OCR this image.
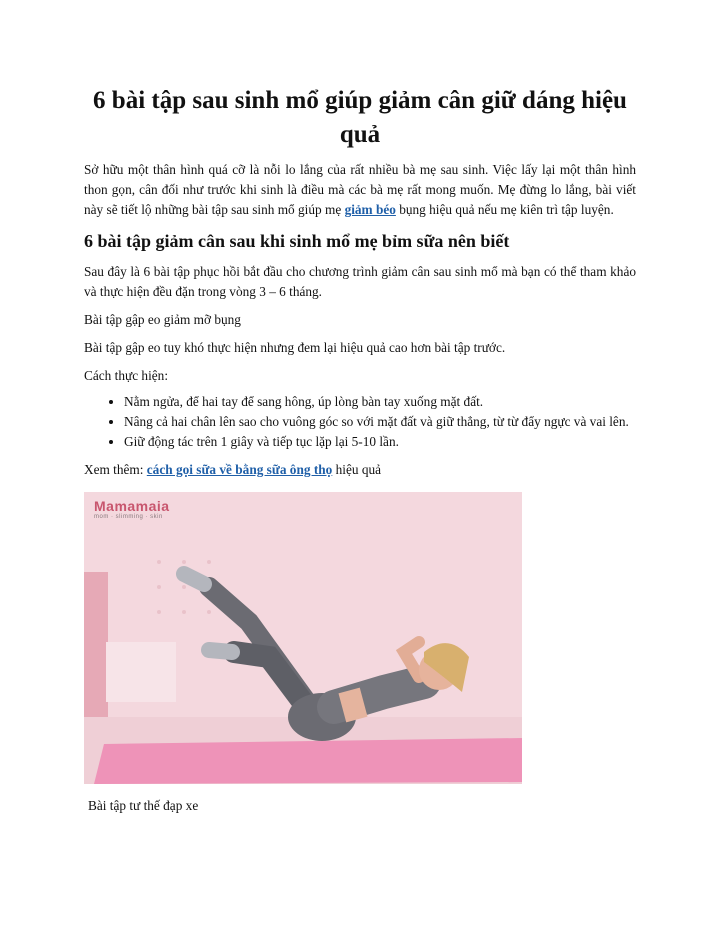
6 bài tập sau sinh mổ giúp giảm cân giữ dáng hiệu quả

Sở hữu một thân hình quá cỡ là nỗi lo lắng của rất nhiều bà mẹ sau sinh. Việc lấy lại một thân hình thon gọn, cân đối như trước khi sinh là điều mà các bà mẹ rất mong muốn. Mẹ đừng lo lắng, bài viết này sẽ tiết lộ những bài tập sau sinh mổ giúp mẹ giảm béo bụng hiệu quả nếu mẹ kiên trì tập luyện.

6 bài tập giảm cân sau khi sinh mổ mẹ bỉm sữa nên biết

Sau đây là 6 bài tập phục hồi bắt đầu cho chương trình giảm cân sau sinh mổ mà bạn có thể tham khảo và thực hiện đều đặn trong vòng 3 – 6 tháng.

Bài tập gập eo giảm mỡ bụng

Bài tập gập eo tuy khó thực hiện nhưng đem lại hiệu quả cao hơn bài tập trước.

Cách thực hiện:

• Nằm ngửa, để hai tay để sang hông, úp lòng bàn tay xuống mặt đất.
• Nâng cả hai chân lên sao cho vuông góc so với mặt đất và giữ thẳng, từ từ đẩy ngực và vai lên.
• Giữ động tác trên 1 giây và tiếp tục lặp lại 5-10 lần.

Xem thêm: cách gọi sữa về bằng sữa ông thọ hiệu quả

Mamamaia
mom · slimming · skin

Bài tập tư thế đạp xe
